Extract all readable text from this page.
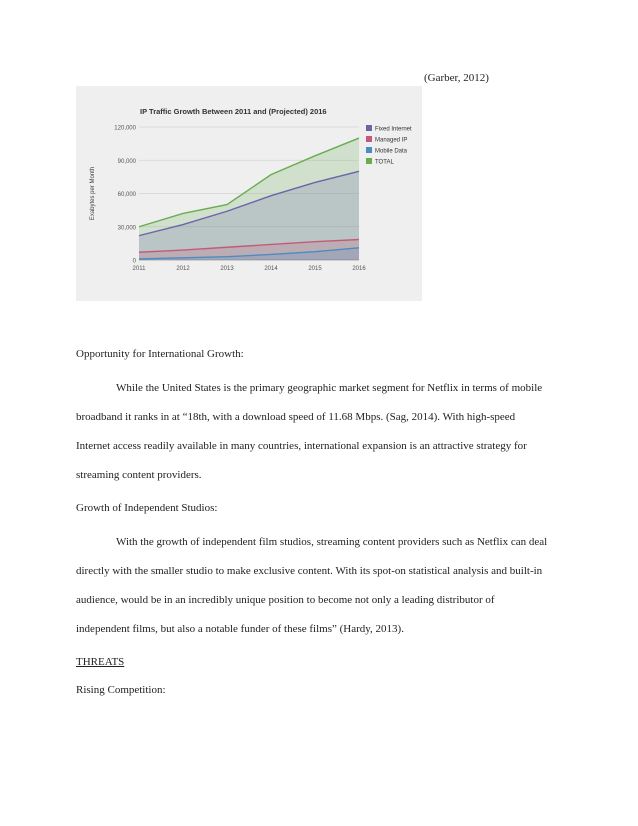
(Garber, 2012)
IP Traffic Growth Between 2011 and (Projected) 2016
0
30,000
60,000
90,000
120,000
2011	2012	2013	2014	2015	2016
Exabytes per Month
Fixed Internet
Managed IP
Mobile Data
TOTAL
Opportunity for International Growth:
While the United States is the primary geographic market segment for Netflix in terms of mobile
broadband it ranks in at “18th, with a download speed of 11.68 Mbps. (Sag, 2014). With high-speed
Internet access readily available in many countries, international expansion is an attractive strategy for
streaming content providers.
Growth of Independent Studios:
With the growth of independent film studios, streaming content providers such as Netflix can deal
directly with the smaller studio to make exclusive content. With its spot-on statistical analysis and built-in
audience, would be in an incredibly unique position to become not only a leading distributor of
independent films, but also a notable funder of these films” (Hardy, 2013).
THREATS
Rising Competition:
